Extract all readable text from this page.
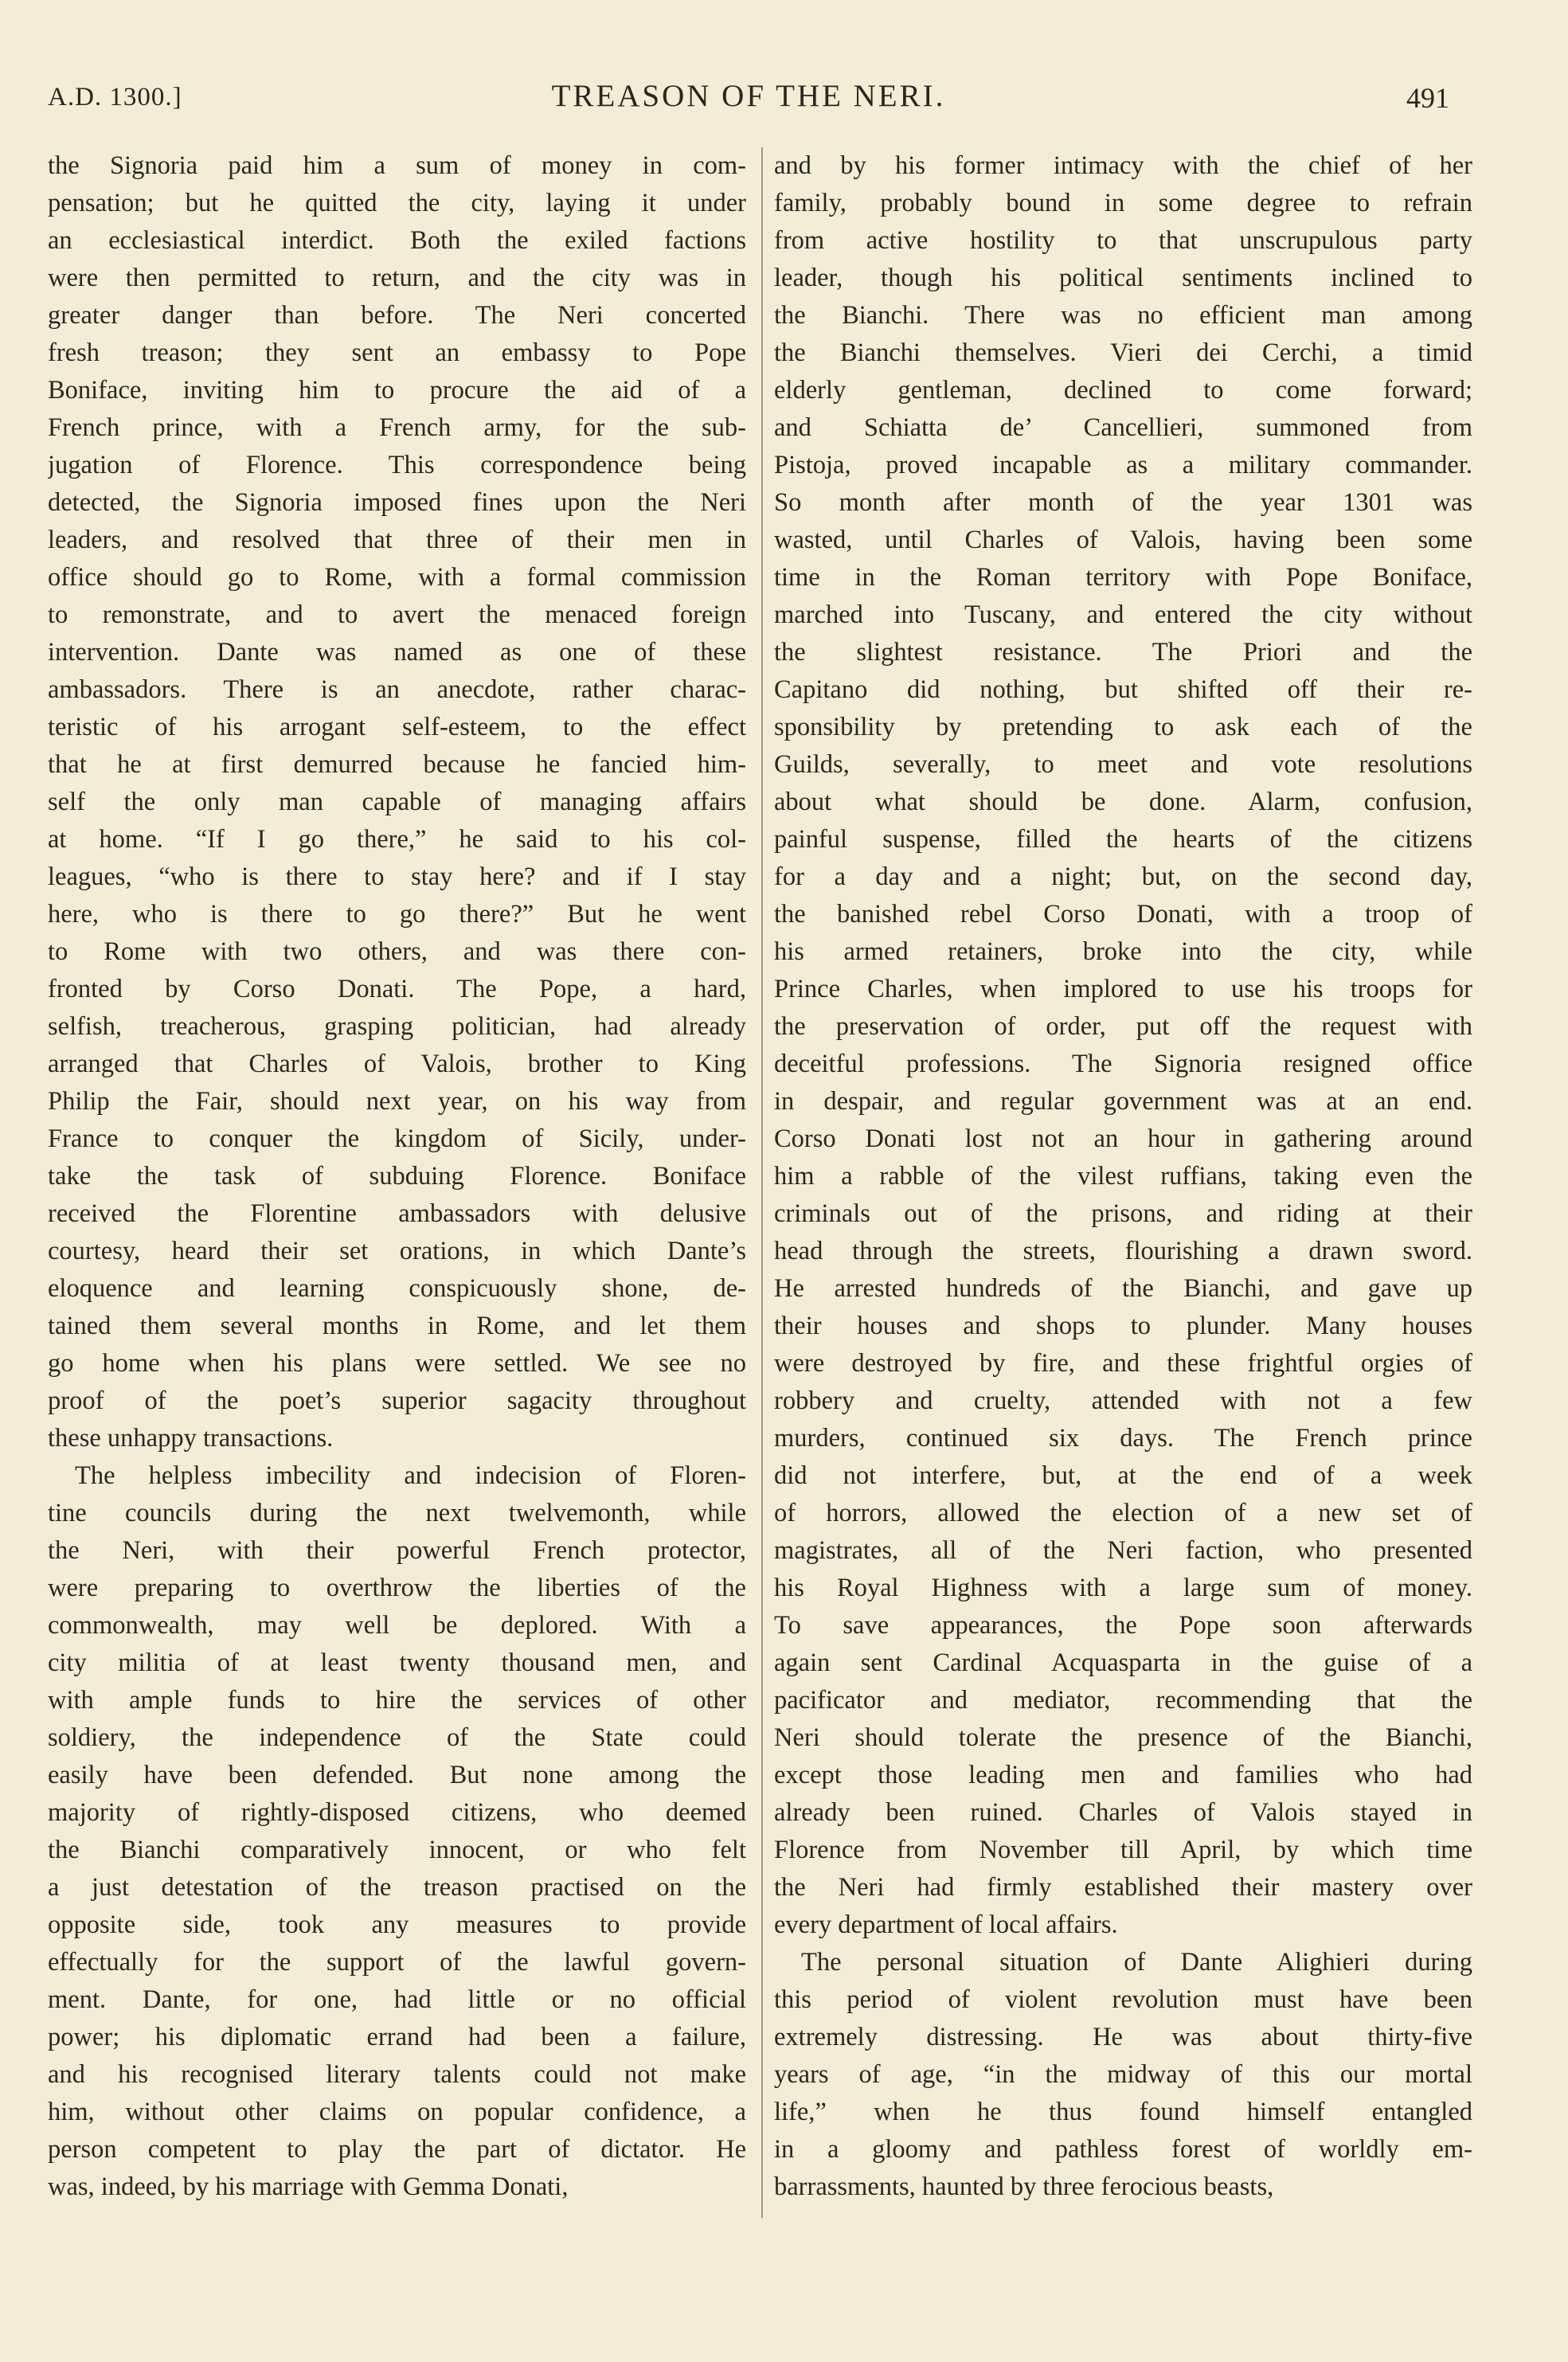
A.D. 1300.]	TREASON OF THE NERI.	491
the Signoria paid him a sum of money in com-
pensation; but he quitted the city, laying it under
an ecclesiastical interdict. Both the exiled factions
were then permitted to return, and the city was in
greater danger than before. The Neri concerted
fresh treason; they sent an embassy to Pope
Boniface, inviting him to procure the aid of a
French prince, with a French army, for the sub-
jugation of Florence. This correspondence being
detected, the Signoria imposed fines upon the Neri
leaders, and resolved that three of their men in
office should go to Rome, with a formal commission
to remonstrate, and to avert the menaced foreign
intervention. Dante was named as one of these
ambassadors. There is an anecdote, rather charac-
teristic of his arrogant self-esteem, to the effect
that he at first demurred because he fancied him-
self the only man capable of managing affairs
at home. “If I go there,” he said to his col-
leagues, “who is there to stay here? and if I stay
here, who is there to go there?” But he went
to Rome with two others, and was there con-
fronted by Corso Donati. The Pope, a hard,
selfish, treacherous, grasping politician, had already
arranged that Charles of Valois, brother to King
Philip the Fair, should next year, on his way from
France to conquer the kingdom of Sicily, under-
take the task of subduing Florence. Boniface
received the Florentine ambassadors with delusive
courtesy, heard their set orations, in which Dante’s
eloquence and learning conspicuously shone, de-
tained them several months in Rome, and let them
go home when his plans were settled. We see no
proof of the poet’s superior sagacity throughout
these unhappy transactions.
The helpless imbecility and indecision of Floren-
tine councils during the next twelvemonth, while
the Neri, with their powerful French protector,
were preparing to overthrow the liberties of the
commonwealth, may well be deplored. With a
city militia of at least twenty thousand men, and
with ample funds to hire the services of other
soldiery, the independence of the State could
easily have been defended. But none among the
majority of rightly-disposed citizens, who deemed
the Bianchi comparatively innocent, or who felt
a just detestation of the treason practised on the
opposite side, took any measures to provide
effectually for the support of the lawful govern-
ment. Dante, for one, had little or no official
power; his diplomatic errand had been a failure,
and his recognised literary talents could not make
him, without other claims on popular confidence, a
person competent to play the part of dictator. He
was, indeed, by his marriage with Gemma Donati,
and by his former intimacy with the chief of her
family, probably bound in some degree to refrain
from active hostility to that unscrupulous party
leader, though his political sentiments inclined to
the Bianchi. There was no efficient man among
the Bianchi themselves. Vieri dei Cerchi, a timid
elderly gentleman, declined to come forward;
and Schiatta de’ Cancellieri, summoned from
Pistoja, proved incapable as a military commander.
So month after month of the year 1301 was
wasted, until Charles of Valois, having been some
time in the Roman territory with Pope Boniface,
marched into Tuscany, and entered the city without
the slightest resistance. The Priori and the
Capitano did nothing, but shifted off their re-
sponsibility by pretending to ask each of the
Guilds, severally, to meet and vote resolutions
about what should be done. Alarm, confusion,
painful suspense, filled the hearts of the citizens
for a day and a night; but, on the second day,
the banished rebel Corso Donati, with a troop of
his armed retainers, broke into the city, while
Prince Charles, when implored to use his troops for
the preservation of order, put off the request with
deceitful professions. The Signoria resigned office
in despair, and regular government was at an end.
Corso Donati lost not an hour in gathering around
him a rabble of the vilest ruffians, taking even the
criminals out of the prisons, and riding at their
head through the streets, flourishing a drawn sword.
He arrested hundreds of the Bianchi, and gave up
their houses and shops to plunder. Many houses
were destroyed by fire, and these frightful orgies of
robbery and cruelty, attended with not a few
murders, continued six days. The French prince
did not interfere, but, at the end of a week
of horrors, allowed the election of a new set of
magistrates, all of the Neri faction, who presented
his Royal Highness with a large sum of money.
To save appearances, the Pope soon afterwards
again sent Cardinal Acquasparta in the guise of a
pacificator and mediator, recommending that the
Neri should tolerate the presence of the Bianchi,
except those leading men and families who had
already been ruined. Charles of Valois stayed in
Florence from November till April, by which time
the Neri had firmly established their mastery over
every department of local affairs.
The personal situation of Dante Alighieri during
this period of violent revolution must have been
extremely distressing. He was about thirty-five
years of age, “in the midway of this our mortal
life,” when he thus found himself entangled
in a gloomy and pathless forest of worldly em-
barrassments, haunted by three ferocious beasts,
